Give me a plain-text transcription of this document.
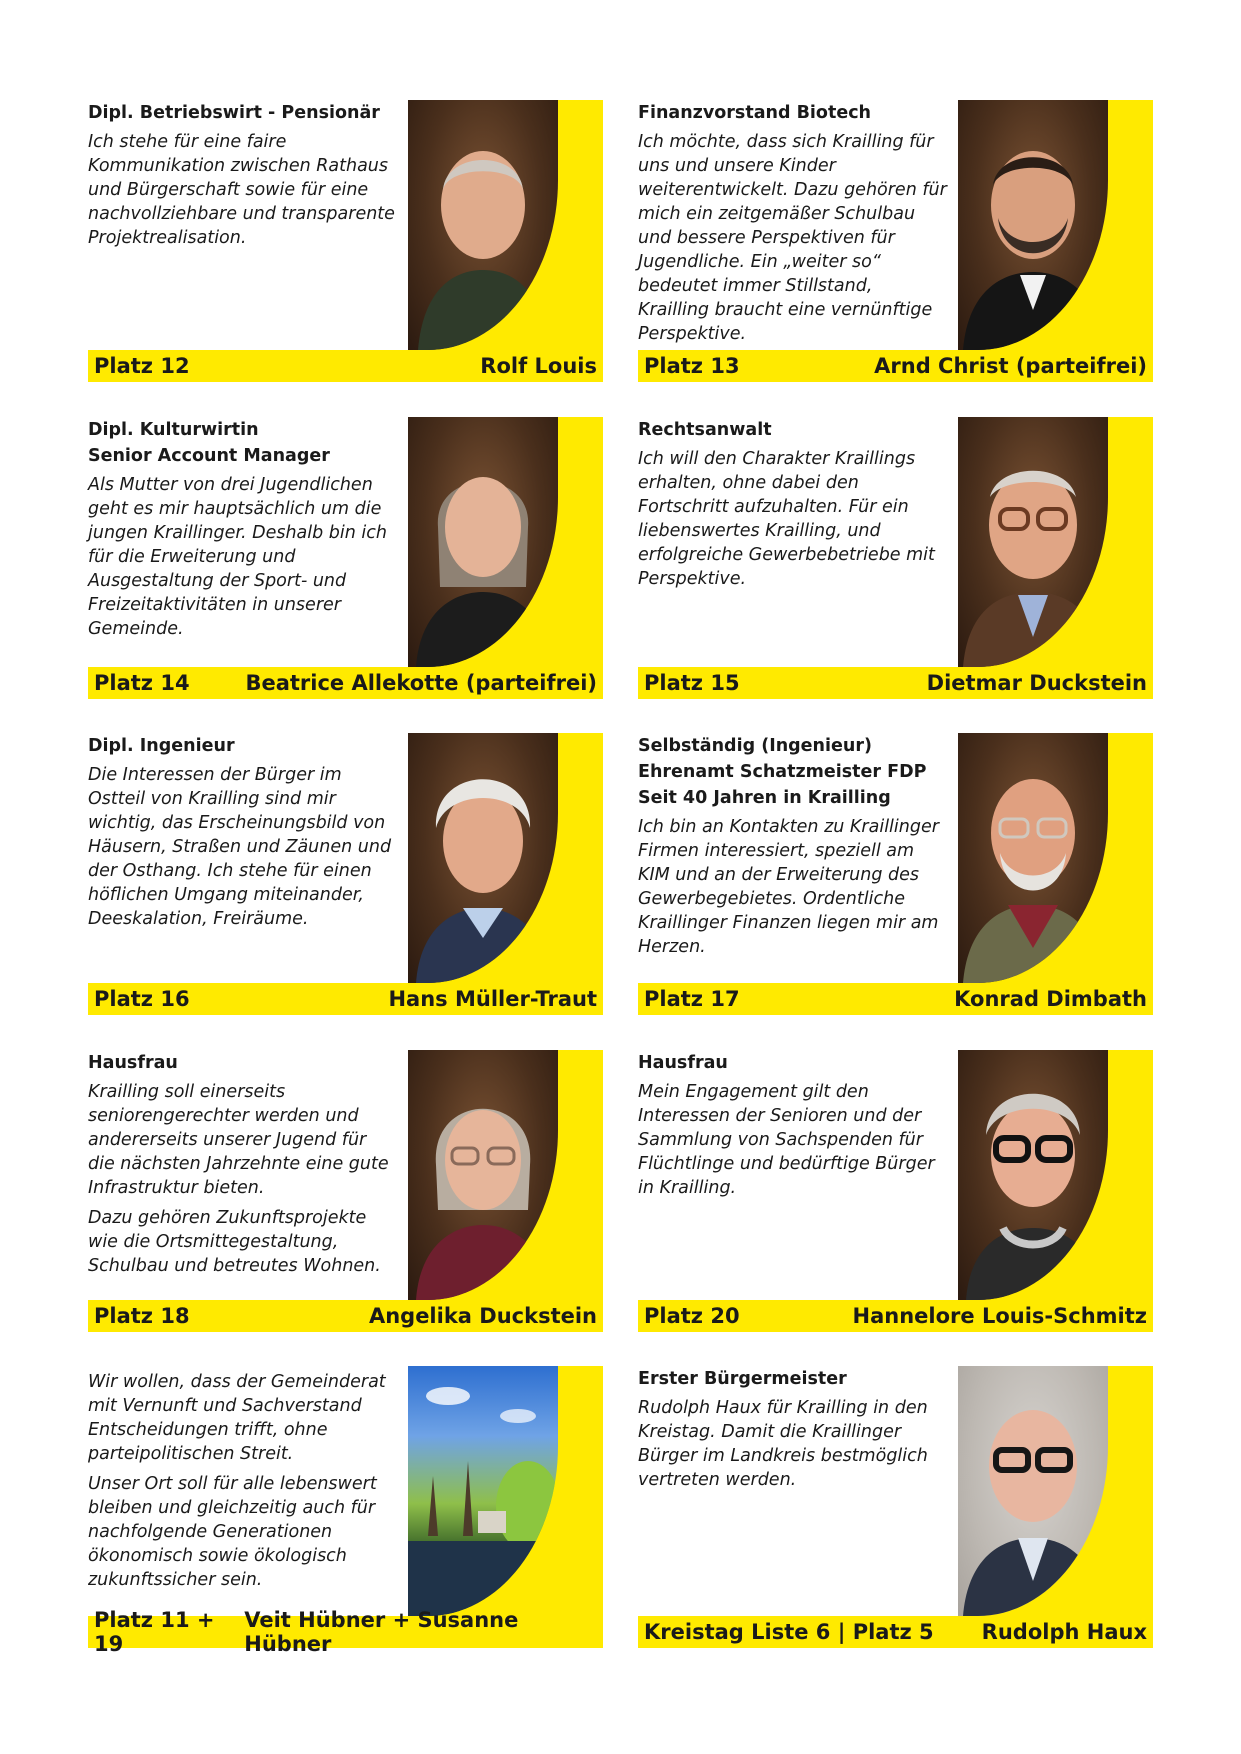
Dipl. Betriebswirt - Pensionär

Ich stehe für eine faire Kommunikation zwischen Rathaus und Bürgerschaft sowie für eine nachvollziehbare und transparente Projektrealisation.

Platz 12	Rolf Louis
Finanzvorstand Biotech

Ich möchte, dass sich Krailling für uns und unsere Kinder weiterentwickelt. Dazu gehören für mich ein zeitgemäßer Schulbau und bessere Perspektiven für Jugendliche. Ein „weiter so“ bedeutet immer Stillstand, Krailling braucht eine vernünftige Perspektive.

Platz 13	Arnd Christ (parteifrei)
Dipl. Kulturwirtin
Senior Account Manager

Als Mutter von drei Jugendlichen geht es mir hauptsächlich um die jungen Kraillinger. Deshalb bin ich für die Erweiterung und Ausgestaltung der Sport- und Freizeitaktivitäten in unserer Gemeinde.

Platz 14	Beatrice Allekotte (parteifrei)
Rechtsanwalt

Ich will den Charakter Kraillings erhalten, ohne dabei den Fortschritt aufzuhalten. Für ein liebenswertes Krailling, und erfolgreiche Gewerbebetriebe mit Perspektive.

Platz 15	Dietmar Duckstein
Dipl. Ingenieur

Die Interessen der Bürger im Ostteil von Krailling sind mir wichtig, das Erscheinungsbild von Häusern, Straßen und Zäunen und der Osthang. Ich stehe für einen höflichen Umgang miteinander, Deeskalation, Freiräume.

Platz 16	Hans Müller-Traut
Selbständig (Ingenieur)
Ehrenamt Schatzmeister FDP
Seit 40 Jahren in Krailling

Ich bin an Kontakten zu Kraillinger Firmen interessiert, speziell am KIM und an der Erweiterung des Gewerbegebietes. Ordentliche Kraillinger Finanzen liegen mir am Herzen.

Platz 17	Konrad Dimbath
Hausfrau

Krailling soll einerseits seniorengerechter werden und andererseits unserer Jugend für die nächsten Jahrzehnte eine gute Infrastruktur bieten.

Dazu gehören Zukunftsprojekte wie die Ortsmittegestaltung, Schulbau und betreutes Wohnen.

Platz 18	Angelika Duckstein
Hausfrau

Mein Engagement gilt den Interessen der Senioren und der Sammlung von Sachspenden für Flüchtlinge und bedürftige Bürger in Krailling.

Platz 20	Hannelore Louis-Schmitz

Wir wollen, dass der Gemeinderat mit Vernunft und Sachverstand Entscheidungen trifft, ohne parteipolitischen Streit.

Unser Ort soll für alle lebenswert bleiben und gleichzeitig auch für nachfolgende Generationen ökonomisch sowie ökologisch zukunftssicher sein.

Platz 11 + 19
Veit Hübner + Susanne Hübner
Erster Bürgermeister

Rudolph Haux für Krailling in den Kreistag. Damit die Kraillinger Bürger im Landkreis bestmöglich vertreten werden.

Kreistag Liste 6 | Platz 5 Rudolph Haux
